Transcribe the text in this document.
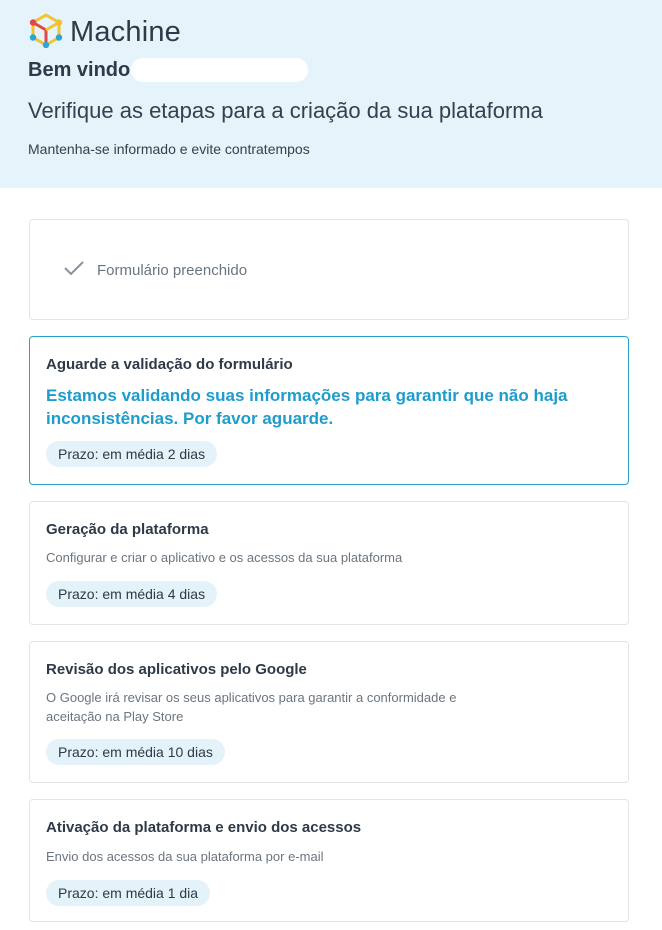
Machine
Bem vindo
Verifique as etapas para a criação da sua plataforma
Mantenha-se informado e evite contratempos
Formulário preenchido
Aguarde a validação do formulário
Estamos validando suas informações para garantir que não haja inconsistências. Por favor aguarde.
Prazo: em média 2 dias
Geração da plataforma
Configurar e criar o aplicativo e os acessos da sua plataforma
Prazo: em média 4 dias
Revisão dos aplicativos pelo Google
O Google irá revisar os seus aplicativos para garantir a conformidade e aceitação na Play Store
Prazo: em média 10 dias
Ativação da plataforma e envio dos acessos
Envio dos acessos da sua plataforma por e-mail
Prazo: em média 1 dia
